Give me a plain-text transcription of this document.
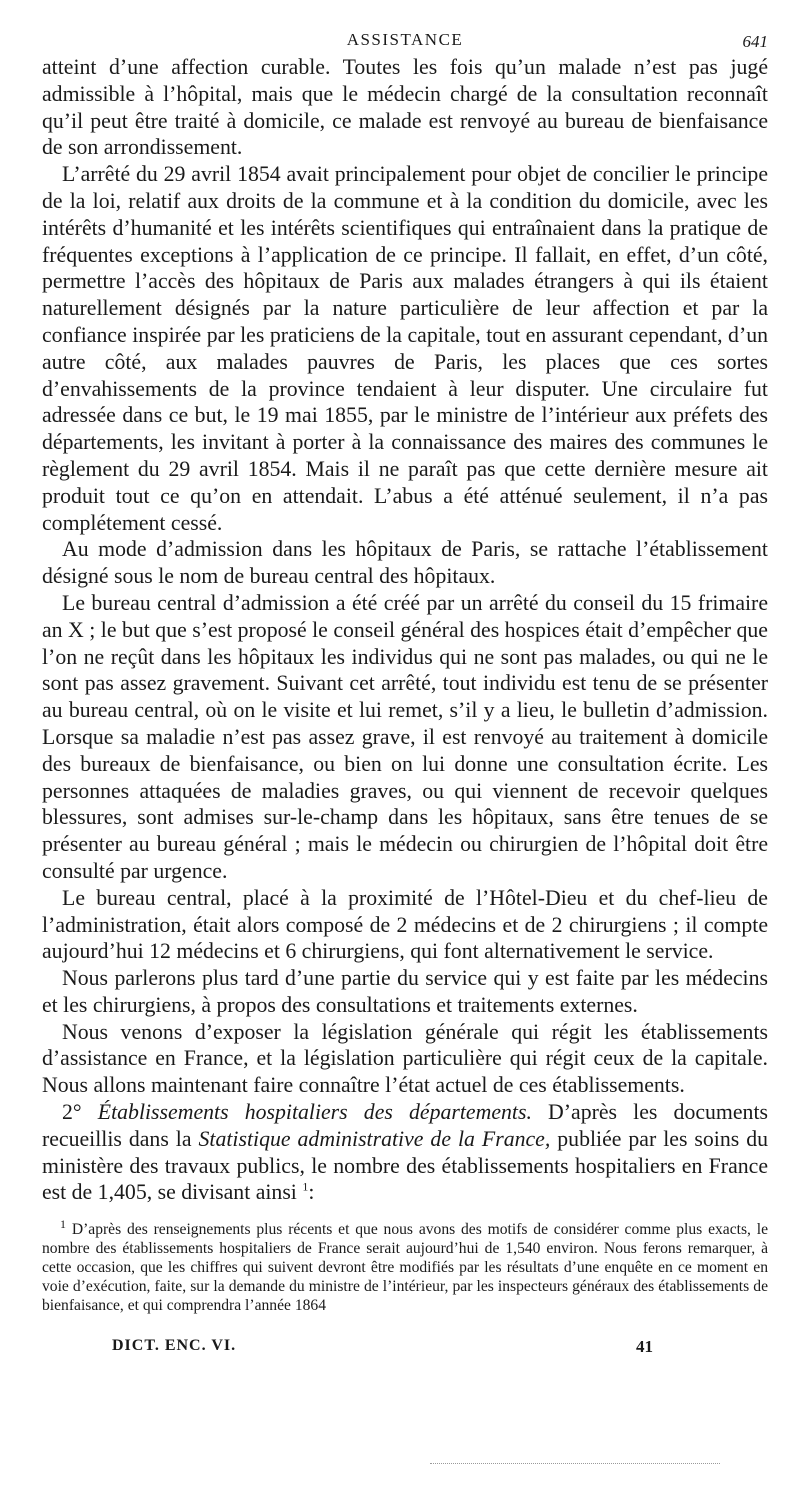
ASSISTANCE	641

atteint d’une affection curable. Toutes les fois qu’un malade n’est pas jugé admissible à l’hôpital, mais que le médecin chargé de la consultation reconnaît qu’il peut être traité à domicile, ce malade est renvoyé au bureau de bienfaisance de son arrondissement.

L’arrêté du 29 avril 1854 avait principalement pour objet de concilier le principe de la loi, relatif aux droits de la commune et à la condition du domicile, avec les intérêts d’humanité et les intérêts scientifiques qui entraînaient dans la pratique de fréquentes exceptions à l’application de ce principe. Il fallait, en effet, d’un côté, permettre l’accès des hôpitaux de Paris aux malades étrangers à qui ils étaient naturellement désignés par la nature particulière de leur affection et par la confiance inspirée par les praticiens de la capitale, tout en assurant cependant, d’un autre côté, aux malades pauvres de Paris, les places que ces sortes d’envahissements de la province tendaient à leur disputer. Une circulaire fut adressée dans ce but, le 19 mai 1855, par le ministre de l’intérieur aux préfets des départements, les invitant à porter à la connaissance des maires des communes le règlement du 29 avril 1854. Mais il ne paraît pas que cette dernière mesure ait produit tout ce qu’on en attendait. L’abus a été atténué seulement, il n’a pas complétement cessé.

Au mode d’admission dans les hôpitaux de Paris, se rattache l’établissement désigné sous le nom de bureau central des hôpitaux.

Le bureau central d’admission a été créé par un arrêté du conseil du 15 frimaire an X ; le but que s’est proposé le conseil général des hospices était d’empêcher que l’on ne reçût dans les hôpitaux les individus qui ne sont pas malades, ou qui ne le sont pas assez gravement. Suivant cet arrêté, tout individu est tenu de se présenter au bureau central, où on le visite et lui remet, s’il y a lieu, le bulletin d’admission. Lorsque sa maladie n’est pas assez grave, il est renvoyé au traitement à domicile des bureaux de bienfaisance, ou bien on lui donne une consultation écrite. Les personnes attaquées de maladies graves, ou qui viennent de recevoir quelques blessures, sont admises sur-le-champ dans les hôpitaux, sans être tenues de se présenter au bureau général ; mais le médecin ou chirurgien de l’hôpital doit être consulté par urgence.

Le bureau central, placé à la proximité de l’Hôtel-Dieu et du chef-lieu de l’administration, était alors composé de 2 médecins et de 2 chirurgiens ; il compte aujourd’hui 12 médecins et 6 chirurgiens, qui font alternativement le service.

Nous parlerons plus tard d’une partie du service qui y est faite par les médecins et les chirurgiens, à propos des consultations et traitements externes.

Nous venons d’exposer la législation générale qui régit les établissements d’assistance en France, et la législation particulière qui régit ceux de la capitale. Nous allons maintenant faire connaître l’état actuel de ces établissements.

2° Établissements hospitaliers des départements. D’après les documents recueillis dans la Statistique administrative de la France, publiée par les soins du ministère des travaux publics, le nombre des établissements hospitaliers en France est de 1,405, se divisant ainsi $^1$:

$^1$ D’après des renseignements plus récents et que nous avons des motifs de considérer comme plus exacts, le nombre des établissements hospitaliers de France serait aujourd’hui de 1,540 environ. Nous ferons remarquer, à cette occasion, que les chiffres qui suivent devront être modifiés par les résultats d’une enquête en ce moment en voie d’exécution, faite, sur la demande du ministre de l’intérieur, par les inspecteurs généraux des établissements de bienfaisance, et qui comprendra l’année 1864

DICT. ENC. VI.	41
